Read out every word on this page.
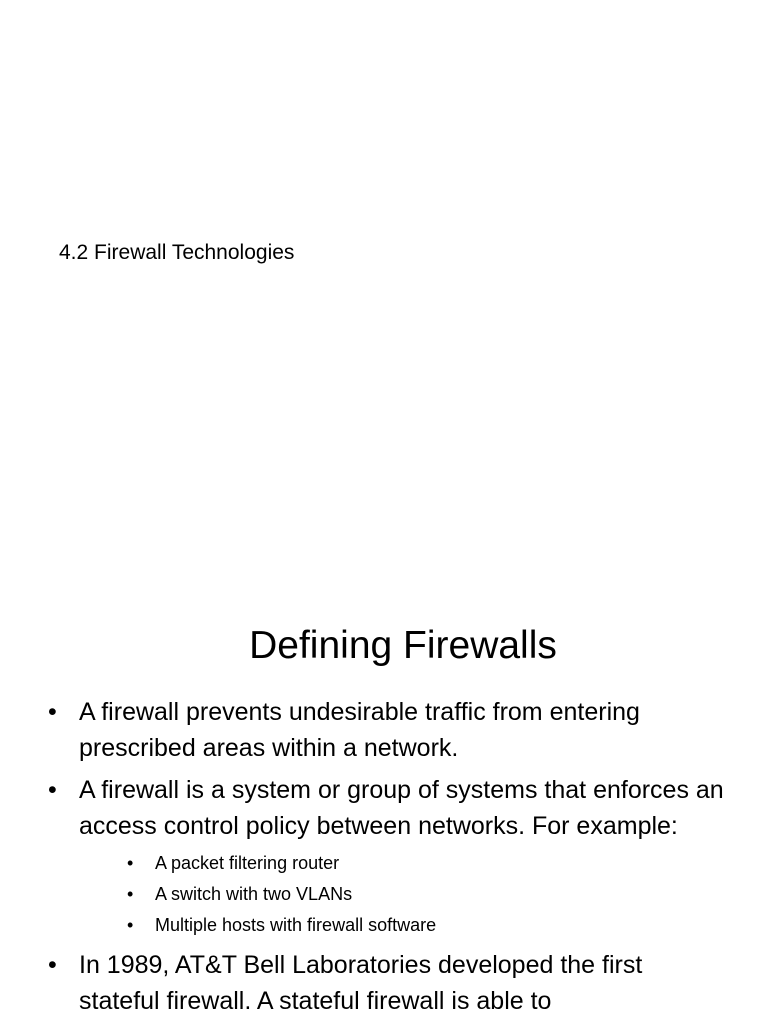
4.2 Firewall Technologies
Defining Firewalls
• A firewall prevents undesirable traffic from entering prescribed areas within a network.
• A firewall is a system or group of systems that enforces an access control policy between networks. For example:
• A packet filtering router
• A switch with two VLANs
• Multiple hosts with firewall software
• In 1989, AT&T Bell Laboratories developed the first stateful firewall. A stateful firewall is able to
